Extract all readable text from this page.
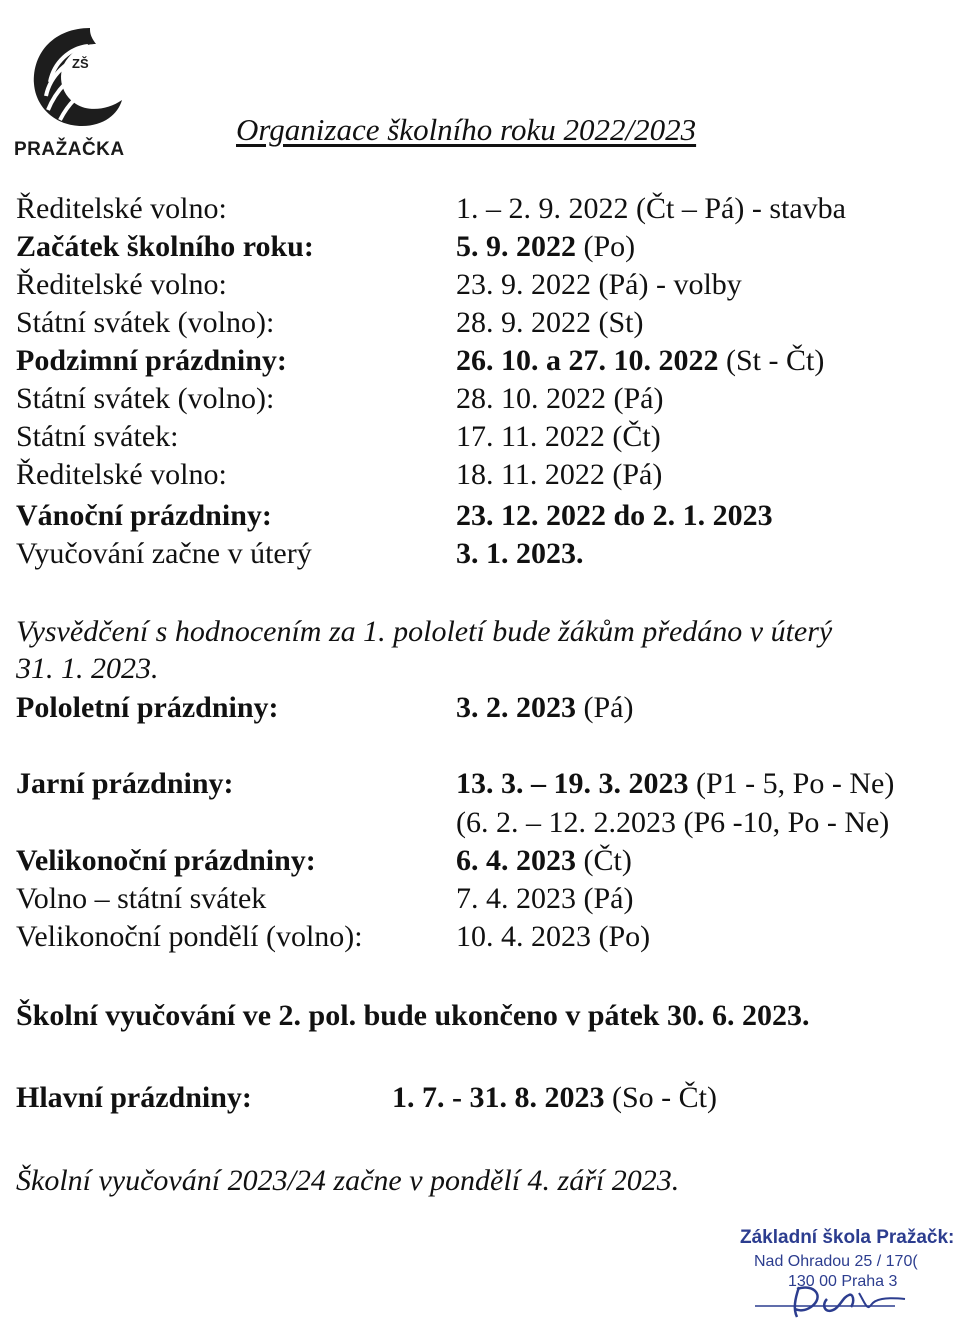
ZŠ
PRAŽAČKA
Organizace školního roku 2022/2023
Ředitelské volno:	1. – 2. 9. 2022 (Čt – Pá) - stavba
Začátek školního roku:	5. 9. 2022 (Po)
Ředitelské volno:	23. 9. 2022 (Pá) - volby
Státní svátek (volno):	28. 9. 2022 (St)
Podzimní prázdniny:	26. 10. a 27. 10. 2022 (St - Čt)
Státní svátek (volno):	28. 10. 2022 (Pá)
Státní svátek:	17. 11. 2022 (Čt)
Ředitelské volno:	18. 11. 2022 (Pá)
Vánoční prázdniny:	23. 12. 2022 do 2. 1. 2023
Vyučování začne v úterý	3. 1. 2023.
Vysvědčení s hodnocením za 1. pololetí bude žákům předáno v úterý
31. 1. 2023.
Pololetní prázdniny:	3. 2. 2023 (Pá)
Jarní prázdniny:	13. 3. – 19. 3. 2023 (P1 - 5, Po - Ne)
(6. 2. – 12. 2.2023 (P6 -10, Po - Ne)
Velikonoční prázdniny:	6. 4. 2023 (Čt)
Volno – státní svátek	7. 4. 2023 (Pá)
Velikonoční pondělí (volno):	10. 4. 2023 (Po)
Školní vyučování ve 2. pol. bude ukončeno v pátek 30. 6. 2023.
Hlavní prázdniny:	1. 7. - 31. 8. 2023 (So - Čt)
Školní vyučování 2023/24 začne v pondělí 4. září 2023.
Základní škola Pražačk:
Nad Ohradou 25 / 170(
130 00 Praha 3
